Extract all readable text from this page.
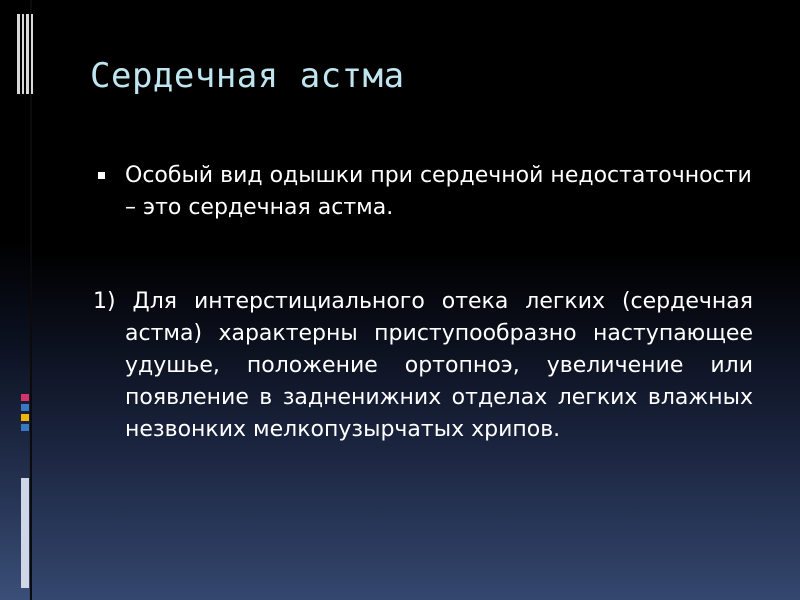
Сердечная астма

Особый вид одышки при сердечной недостаточности – это сердечная астма.

1) Для интерстициального отека легких (сердечная астма) характерны приступообразно наступающее удушье, положение ортопноэ, увеличение или появление в задненижних отделах легких влажных незвонких мелкопузырчатых хрипов.
